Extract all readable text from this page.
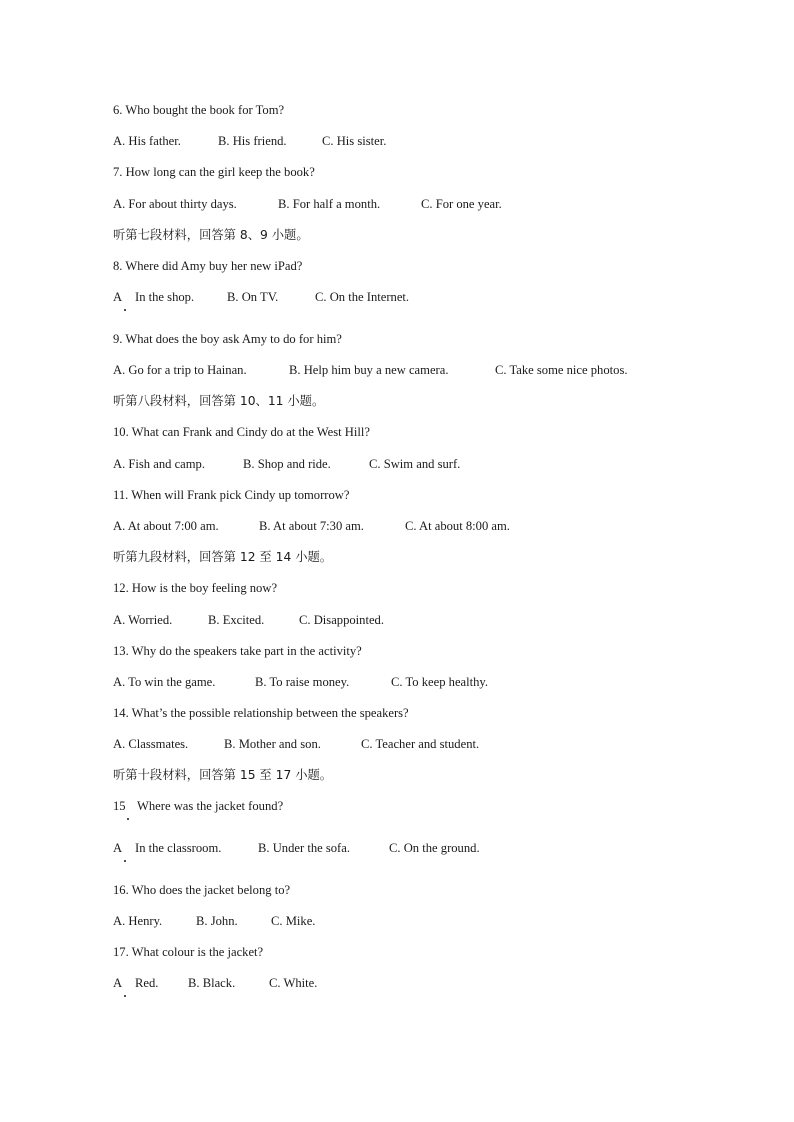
6. Who bought the book for Tom?
A. His father.	B. His friend.	C. His sister.
7. How long can the girl keep the book?
A. For about thirty days.	B. For half a month.	C. For one year.
听第七段材料，回答第 8、9 小题。
8. Where did Amy buy her new iPad?
A In the shop.	B. On TV.	C. On the Internet.
9. What does the boy ask Amy to do for him?
A. Go for a trip to Hainan.	B. Help him buy a new camera.	C. Take some nice photos.
听第八段材料，回答第 10、11 小题。
10. What can Frank and Cindy do at the West Hill?
A. Fish and camp.	B. Shop and ride.	C. Swim and surf.
11. When will Frank pick Cindy up tomorrow?
A. At about 7:00 am.	B. At about 7:30 am.	C. At about 8:00 am.
听第九段材料，回答第 12 至 14 小题。
12. How is the boy feeling now?
A. Worried.	B. Excited.	C. Disappointed.
13. Why do the speakers take part in the activity?
A. To win the game.	B. To raise money.	C. To keep healthy.
14. What’s the possible relationship between the speakers?
A. Classmates.	B. Mother and son.	C. Teacher and student.
听第十段材料，回答第 15 至 17 小题。
15 Where was the jacket found?
A In the classroom.	B. Under the sofa.	C. On the ground.
16. Who does the jacket belong to?
A. Henry.	B. John.	C. Mike.
17. What colour is the jacket?
A Red. B. Black.	C. White.
